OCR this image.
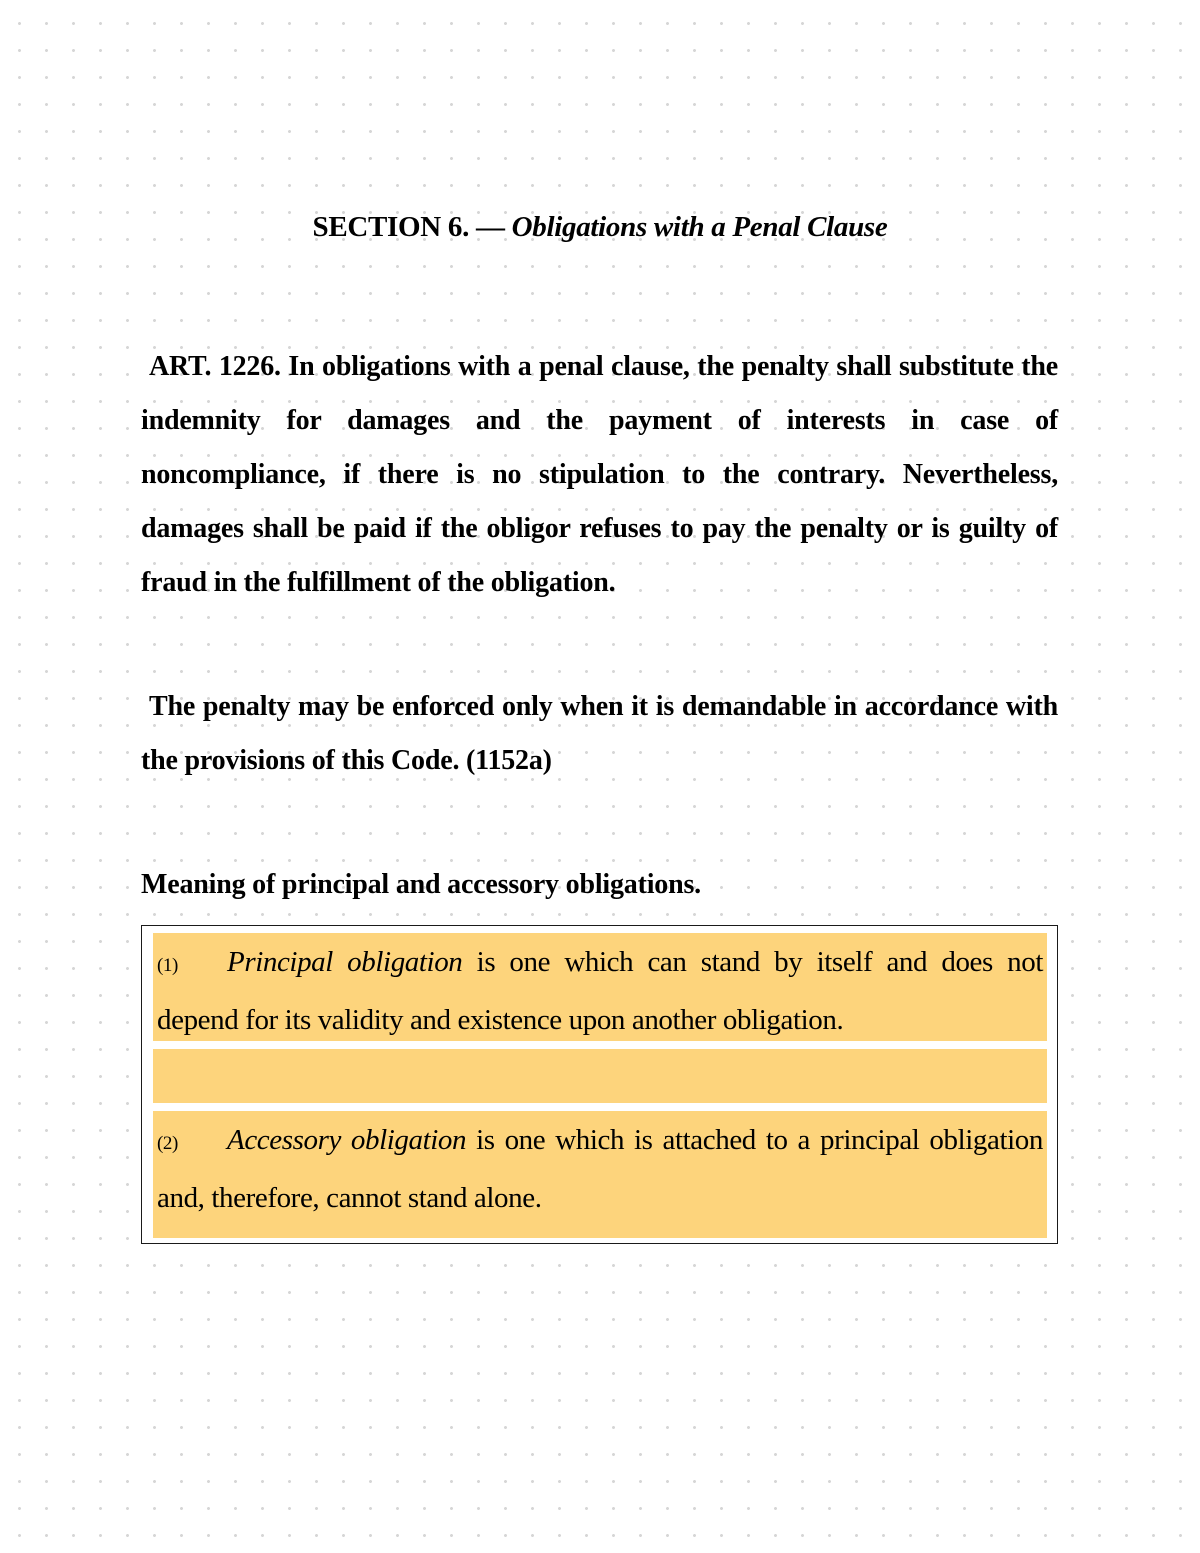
SECTION 6. — Obligations with a Penal Clause

ART. 1226. In obligations with a penal clause, the penalty shall substitute the indemnity for damages and the payment of interests in case of noncompliance, if there is no stipulation to the contrary. Nevertheless, damages shall be paid if the obligor refuses to pay the penalty or is guilty of fraud in the fulfillment of the obligation.

The penalty may be enforced only when it is demandable in accordance with the provisions of this Code. (1152a)

Meaning of principal and accessory obligations.
(1) Principal obligation is one which can stand by itself and does not depend for its validity and existence upon another obligation.
(2) Accessory obligation is one which is attached to a principal obligation and, therefore, cannot stand alone.
